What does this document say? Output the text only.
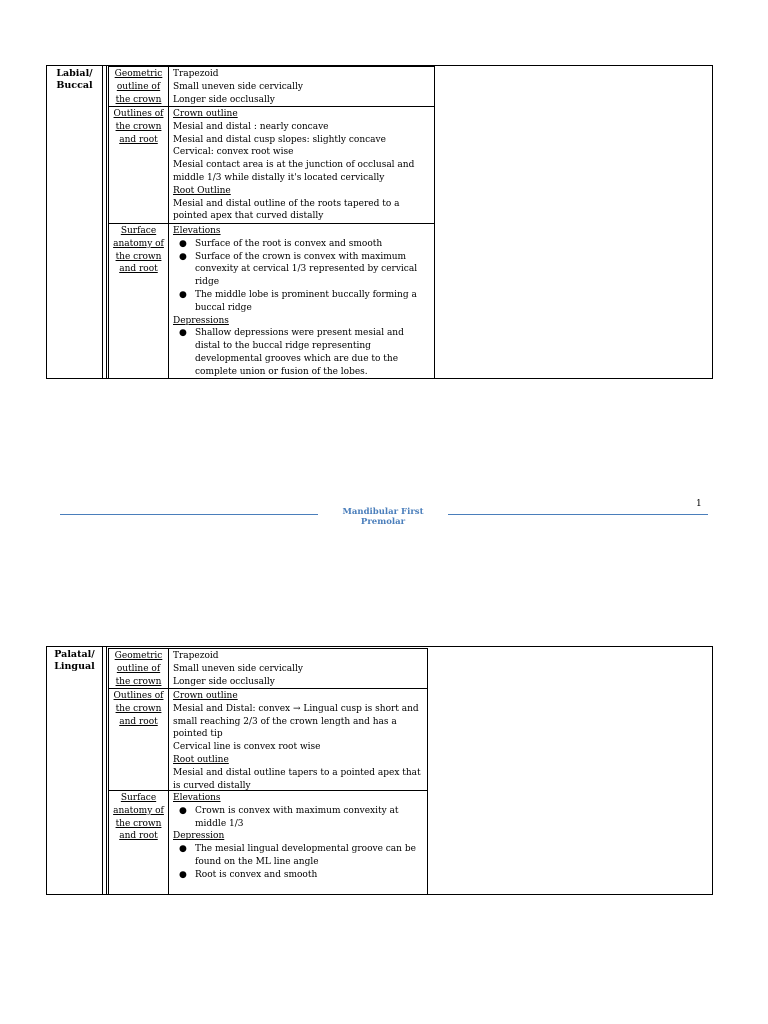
Labial/
Buccal
Geometric outline of the crown

Trapezoid

Small uneven side cervically

Longer side occlusally

Outlines of the crown and root

Crown outline

Mesial and distal : nearly concave

Mesial and distal cusp slopes: slightly concave

Cervical: convex root wise

Mesial contact area is at the junction of occlusal and middle 1/3 while distally it's located cervically

Root Outline

Mesial and distal outline of the roots tapered to a pointed apex that curved distally

Surface anatomy of the crown and root

Elevations

● Surface of the root is convex and smooth
● Surface of the crown is convex with maximum convexity at cervical 1/3 represented by cervical ridge
● The middle lobe is prominent buccally forming a buccal ridge

Depressions

● Shallow depressions were present mesial and distal to the buccal ridge representing developmental grooves which are due to the complete union or fusion of the lobes.
Mandibular First Premolar
1
Palatal/
Lingual
Geometric outline of the crown

Trapezoid

Small uneven side cervically

Longer side occlusally

Outlines of the crown and root

Crown outline

Mesial and Distal: convex → Lingual cusp is short and small reaching 2/3 of the crown length and has a pointed tip

Cervical line is convex root wise

Root outline

Mesial and distal outline tapers to a pointed apex that is curved distally

Surface anatomy of the crown and root

Elevations

● Crown is convex with maximum convexity at middle 1/3

Depression

● The mesial lingual developmental groove can be found on the ML line angle
● Root is convex and smooth
